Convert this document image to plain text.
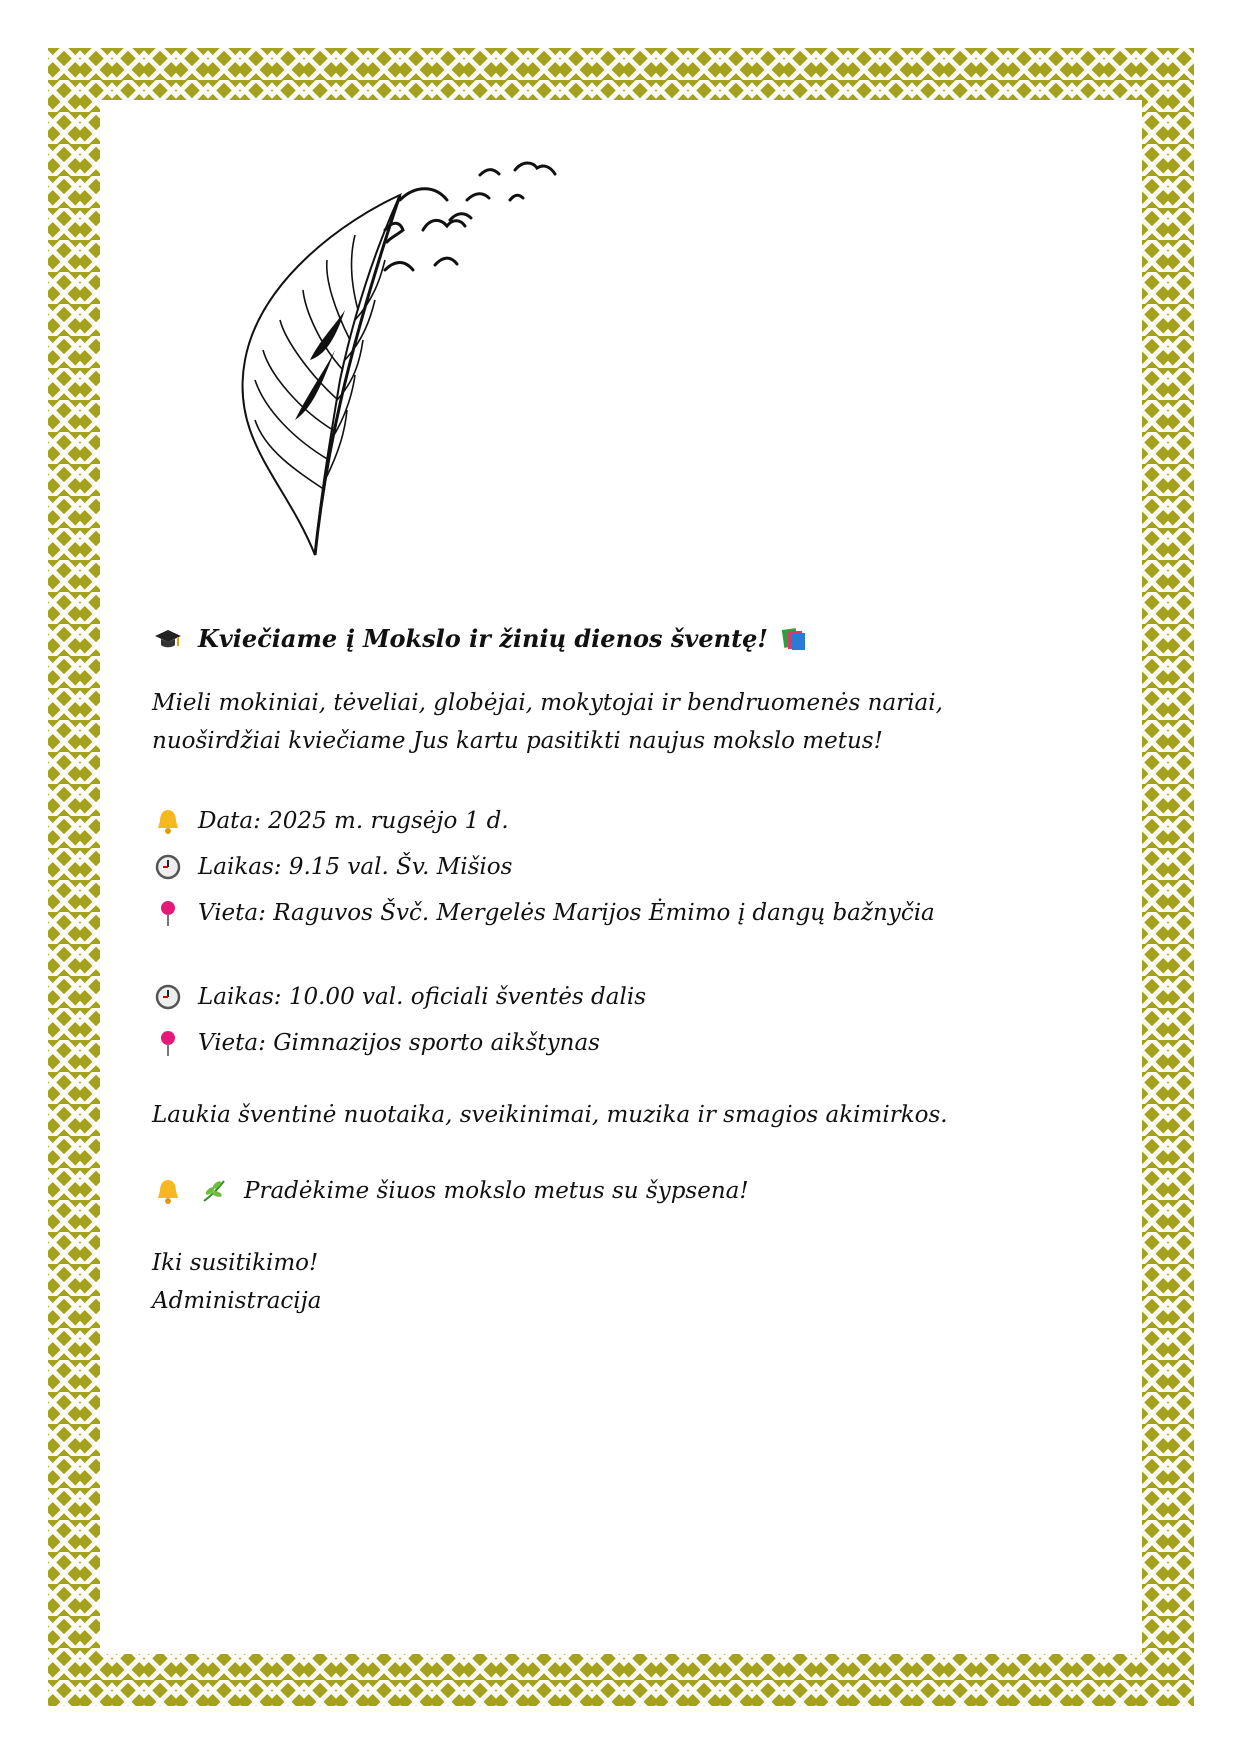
Kviečiame į Mokslo ir žinių dienos šventę!

Mieli mokiniai, tėveliai, globėjai, mokytojai ir bendruomenės nariai,

nuoširdžiai kviečiame Jus kartu pasitikti naujus mokslo metus!

Data: 2025 m. rugsėjo 1 d.
Laikas: 9.15 val. Šv. Mišios
Vieta: Raguvos Švč. Mergelės Marijos Ėmimo į dangų bažnyčia
Laikas: 10.00 val. oficiali šventės dalis
Vieta: Gimnazijos sporto aikštynas

Laukia šventinė nuotaika, sveikinimai, muzika ir smagios akimirkos.

Pradėkime šiuos mokslo metus su šypsena!

Iki susitikimo!

Administracija
